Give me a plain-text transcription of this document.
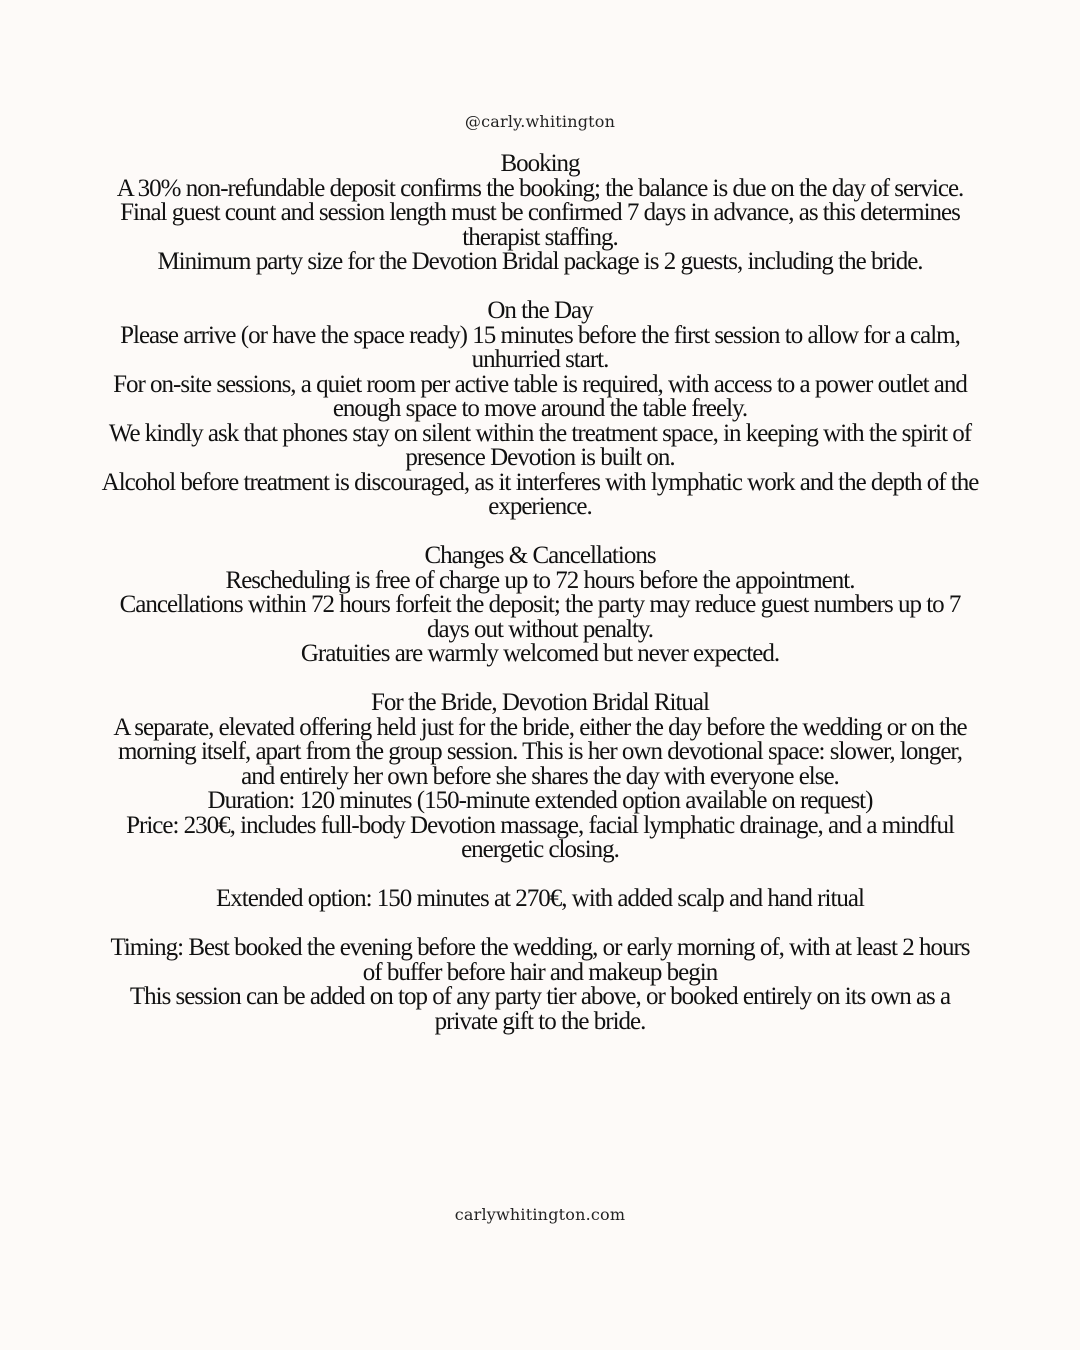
@carly.whitington
Booking

A 30% non-refundable deposit confirms the booking; the balance is due on the day of service.

Final guest count and session length must be confirmed 7 days in advance, as this determines therapist staffing.

Minimum party size for the Devotion Bridal package is 2 guests, including the bride.

On the Day

Please arrive (or have the space ready) 15 minutes before the first session to allow for a calm, unhurried start.

For on-site sessions, a quiet room per active table is required, with access to a power outlet and enough space to move around the table freely.

We kindly ask that phones stay on silent within the treatment space, in keeping with the spirit of presence Devotion is built on.

Alcohol before treatment is discouraged, as it interferes with lymphatic work and the depth of the experience.

Changes & Cancellations

Rescheduling is free of charge up to 72 hours before the appointment.

Cancellations within 72 hours forfeit the deposit; the party may reduce guest numbers up to 7 days out without penalty.

Gratuities are warmly welcomed but never expected.

For the Bride, Devotion Bridal Ritual

A separate, elevated offering held just for the bride, either the day before the wedding or on the morning itself, apart from the group session. This is her own devotional space: slower, longer, and entirely her own before she shares the day with everyone else.

Duration: 120 minutes (150-minute extended option available on request)

Price: 230€, includes full-body Devotion massage, facial lymphatic drainage, and a mindful energetic closing.

Extended option: 150 minutes at 270€, with added scalp and hand ritual

Timing: Best booked the evening before the wedding, or early morning of, with at least 2 hours of buffer before hair and makeup begin

This session can be added on top of any party tier above, or booked entirely on its own as a private gift to the bride.

carlywhitington.com
